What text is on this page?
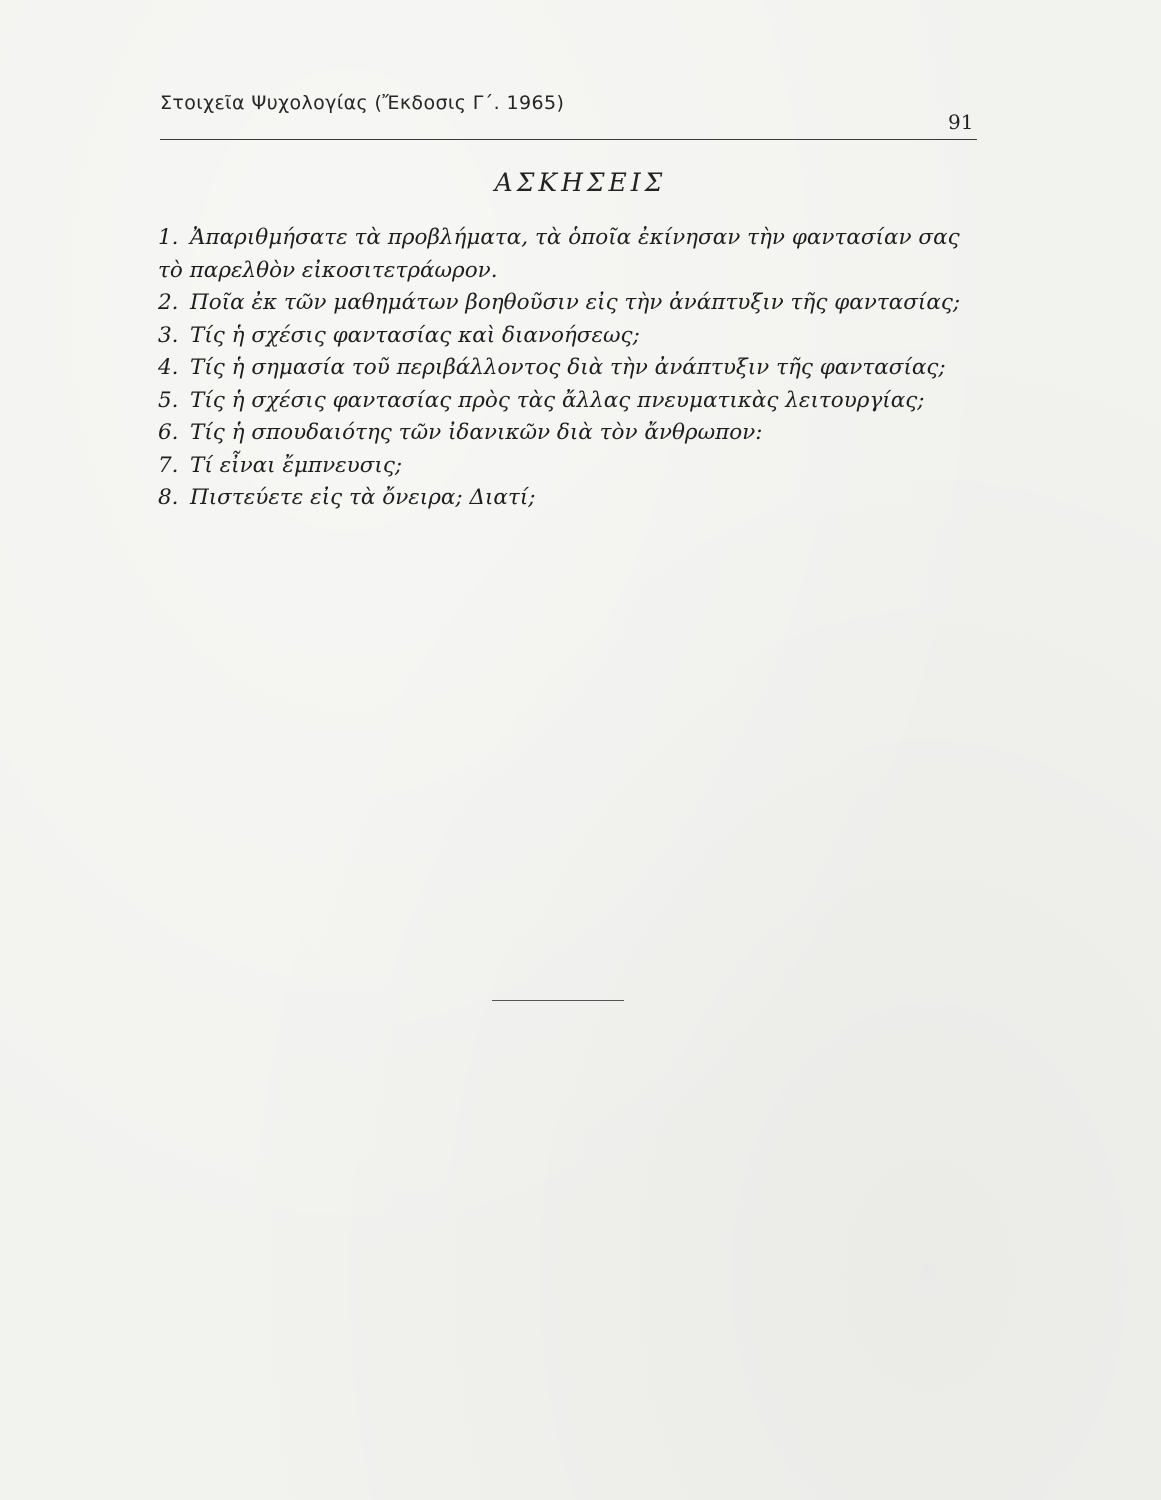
Στοιχεῖα Ψυχολογίας (Ἔκδοσις Γ΄. 1965)
91
ΑΣΚΗΣΕΙΣ
1. Ἀπαριθμήσατε τὰ προβλήματα, τὰ ὁποῖα ἐκίνησαν τὴν φαντασίαν σας τὸ παρελθὸν εἰκοσιτετράωρον.
2. Ποῖα ἐκ τῶν μαθημάτων βοηθοῦσιν εἰς τὴν ἀνάπτυξιν τῆς φαντασίας;
3. Τίς ἡ σχέσις φαντασίας καὶ διανοήσεως;
4. Τίς ἡ σημασία τοῦ περιβάλλοντος διὰ τὴν ἀνάπτυξιν τῆς φαντασίας;
5. Τίς ἡ σχέσις φαντασίας πρὸς τὰς ἄλλας πνευματικὰς λειτουργίας;
6. Τίς ἡ σπουδαιότης τῶν ἰδανικῶν διὰ τὸν ἄνθρωπον:
7. Τί εἶναι ἔμπνευσις;
8. Πιστεύετε εἰς τὰ ὄνειρα; Διατί;
